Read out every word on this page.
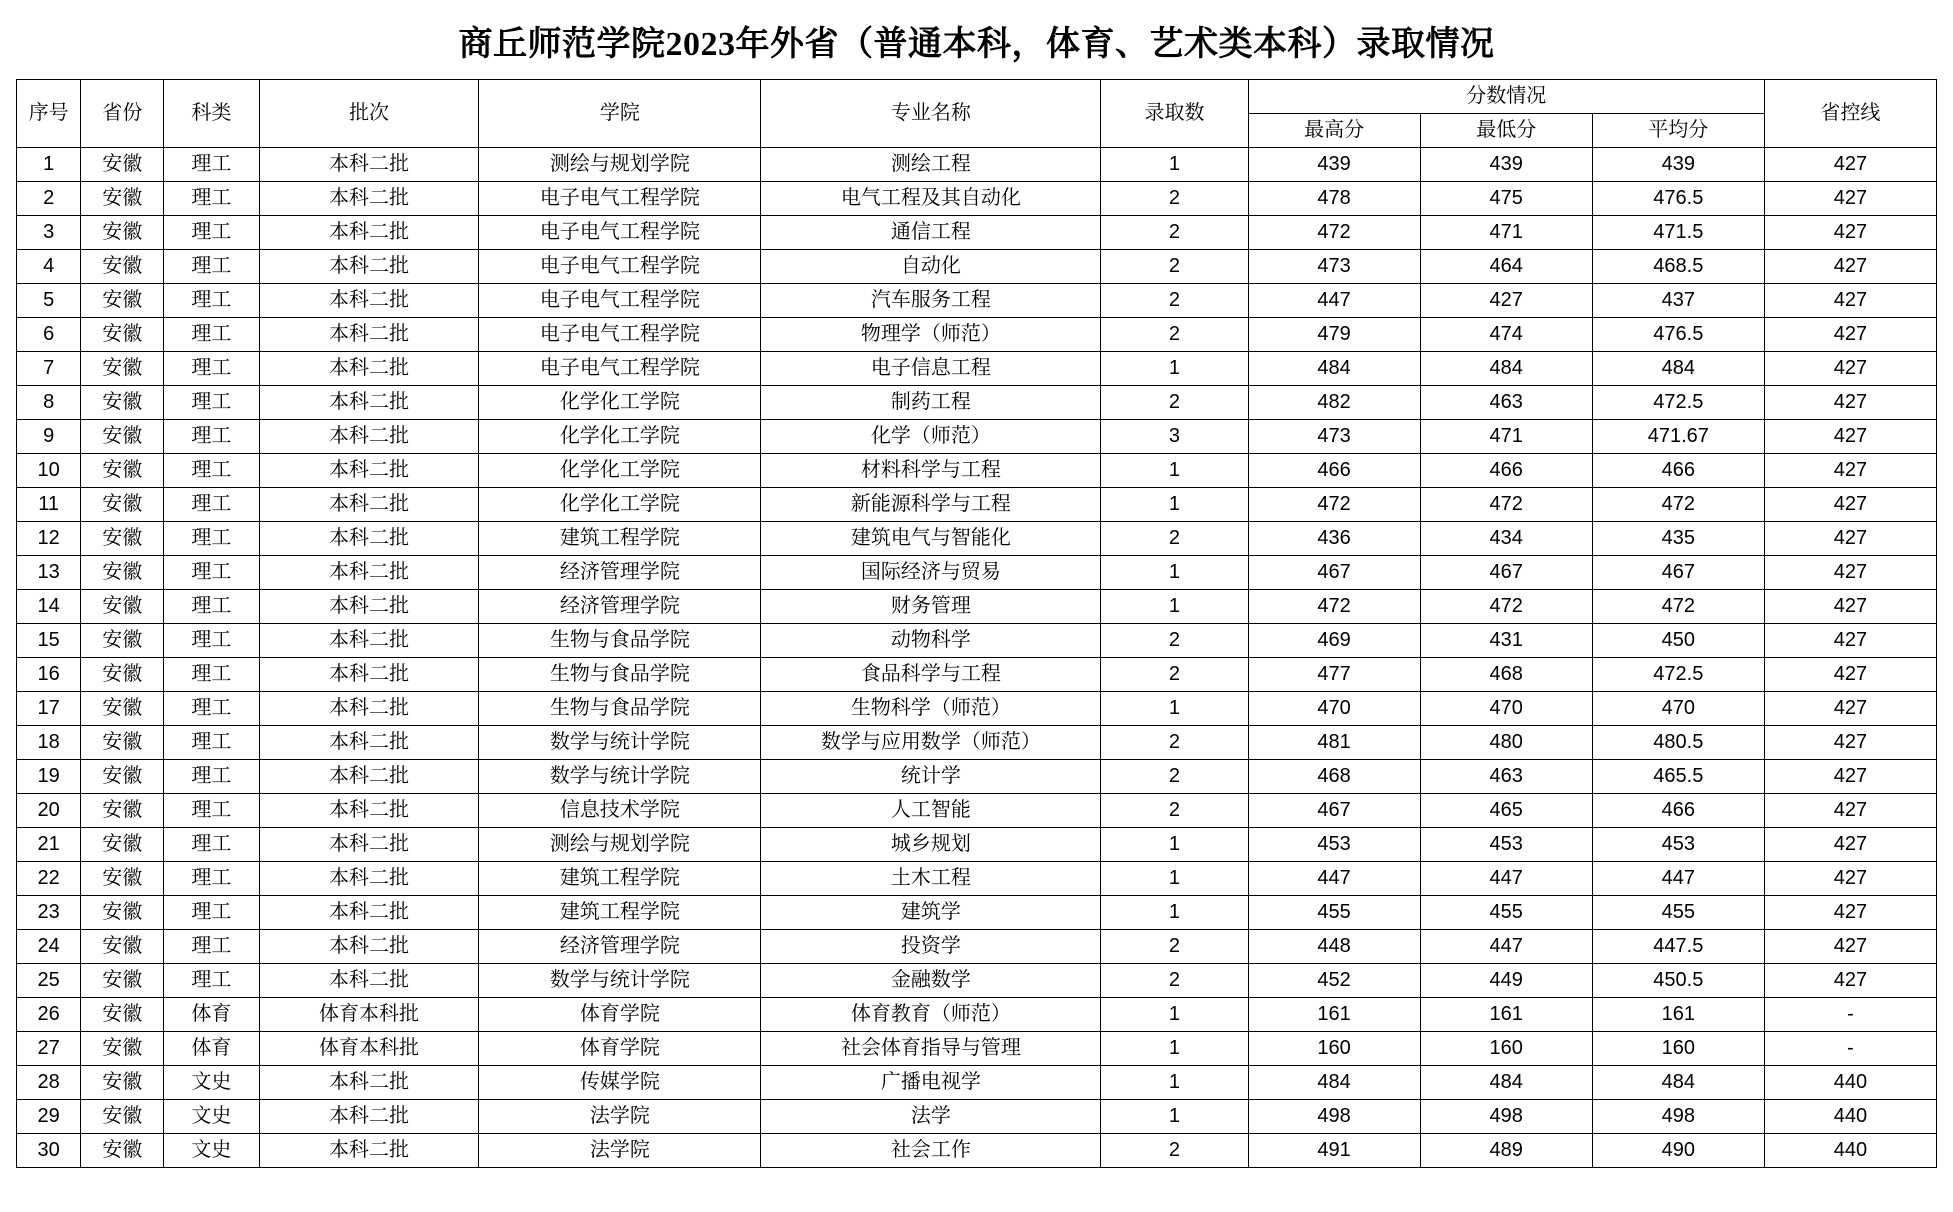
商丘师范学院2023年外省（普通本科，体育、艺术类本科）录取情况
序号	省份	科类	批次	学院	专业名称	录取数	分数情况			省控线
							最高分	最低分	平均分	
1	安徽	理工	本科二批	测绘与规划学院	测绘工程	1	439	439	439	427
2	安徽	理工	本科二批	电子电气工程学院	电气工程及其自动化	2	478	475	476.5	427
3	安徽	理工	本科二批	电子电气工程学院	通信工程	2	472	471	471.5	427
4	安徽	理工	本科二批	电子电气工程学院	自动化	2	473	464	468.5	427
5	安徽	理工	本科二批	电子电气工程学院	汽车服务工程	2	447	427	437	427
6	安徽	理工	本科二批	电子电气工程学院	物理学（师范）	2	479	474	476.5	427
7	安徽	理工	本科二批	电子电气工程学院	电子信息工程	1	484	484	484	427
8	安徽	理工	本科二批	化学化工学院	制药工程	2	482	463	472.5	427
9	安徽	理工	本科二批	化学化工学院	化学（师范）	3	473	471	471.67	427
10	安徽	理工	本科二批	化学化工学院	材料科学与工程	1	466	466	466	427
11	安徽	理工	本科二批	化学化工学院	新能源科学与工程	1	472	472	472	427
12	安徽	理工	本科二批	建筑工程学院	建筑电气与智能化	2	436	434	435	427
13	安徽	理工	本科二批	经济管理学院	国际经济与贸易	1	467	467	467	427
14	安徽	理工	本科二批	经济管理学院	财务管理	1	472	472	472	427
15	安徽	理工	本科二批	生物与食品学院	动物科学	2	469	431	450	427
16	安徽	理工	本科二批	生物与食品学院	食品科学与工程	2	477	468	472.5	427
17	安徽	理工	本科二批	生物与食品学院	生物科学（师范）	1	470	470	470	427
18	安徽	理工	本科二批	数学与统计学院	数学与应用数学（师范）	2	481	480	480.5	427
19	安徽	理工	本科二批	数学与统计学院	统计学	2	468	463	465.5	427
20	安徽	理工	本科二批	信息技术学院	人工智能	2	467	465	466	427
21	安徽	理工	本科二批	测绘与规划学院	城乡规划	1	453	453	453	427
22	安徽	理工	本科二批	建筑工程学院	土木工程	1	447	447	447	427
23	安徽	理工	本科二批	建筑工程学院	建筑学	1	455	455	455	427
24	安徽	理工	本科二批	经济管理学院	投资学	2	448	447	447.5	427
25	安徽	理工	本科二批	数学与统计学院	金融数学	2	452	449	450.5	427
26	安徽	体育	体育本科批	体育学院	体育教育（师范）	1	161	161	161	-
27	安徽	体育	体育本科批	体育学院	社会体育指导与管理	1	160	160	160	-
28	安徽	文史	本科二批	传媒学院	广播电视学	1	484	484	484	440
29	安徽	文史	本科二批	法学院	法学	1	498	498	498	440
30	安徽	文史	本科二批	法学院	社会工作	2	491	489	490	440
